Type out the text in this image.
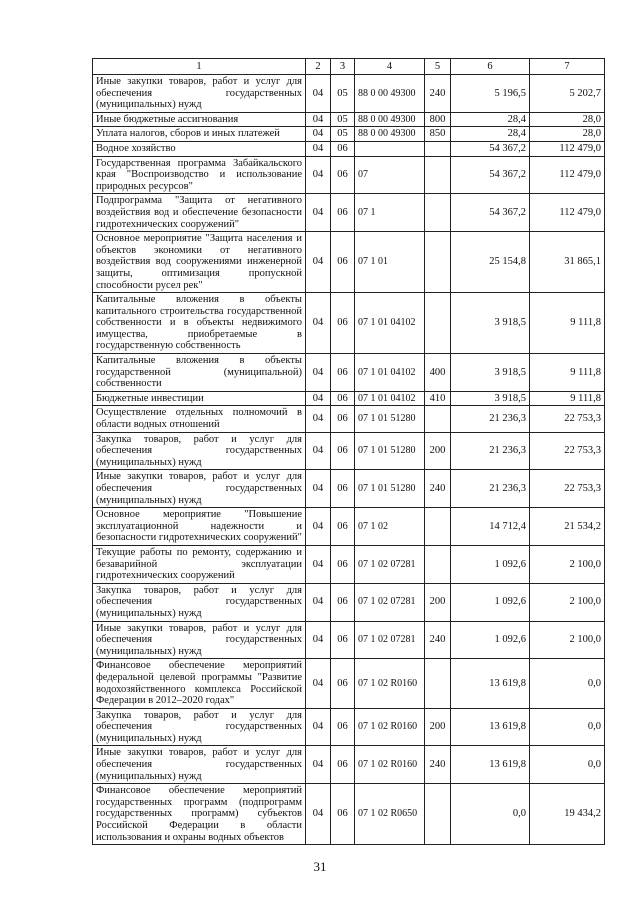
1	2	3	4	5	6	7
Иные закупки товаров, работ и услуг для обеспечения государственных (муниципальных) нужд	04	05	88 0 00 49300	240	5 196,5	5 202,7
Иные бюджетные ассигнования	04	05	88 0 00 49300	800	28,4	28,0
Уплата налогов, сборов и иных платежей	04	05	88 0 00 49300	850	28,4	28,0
Водное хозяйство	04	06			54 367,2	112 479,0
Государственная программа Забайкальского края "Воспроизводство и использование природных ресурсов"	04	06	07		54 367,2	112 479,0
Подпрограмма "Защита от негативного воздействия вод и обеспечение безопасности гидротехнических сооружений"	04	06	07 1		54 367,2	112 479,0
Основное мероприятие "Защита населения и объектов экономики от негативного воздействия вод сооружениями инженерной защиты, оптимизация пропускной способности русел рек"	04	06	07 1 01		25 154,8	31 865,1
Капитальные вложения в объекты капитального строительства государственной собственности и в объекты недвижимого имущества, приобретаемые в государственную собственность	04	06	07 1 01 04102		3 918,5	9 111,8
Капитальные вложения в объекты государственной (муниципальной) собственности	04	06	07 1 01 04102	400	3 918,5	9 111,8
Бюджетные инвестиции	04	06	07 1 01 04102	410	3 918,5	9 111,8
Осуществление отдельных полномочий в области водных отношений	04	06	07 1 01 51280		21 236,3	22 753,3
Закупка товаров, работ и услуг для обеспечения государственных (муниципальных) нужд	04	06	07 1 01 51280	200	21 236,3	22 753,3
Иные закупки товаров, работ и услуг для обеспечения государственных (муниципальных) нужд	04	06	07 1 01 51280	240	21 236,3	22 753,3
Основное мероприятие "Повышение эксплуатационной надежности и безопасности гидротехнических сооружений"	04	06	07 1 02		14 712,4	21 534,2
Текущие работы по ремонту, содержанию и безаварийной эксплуатации гидротехнических сооружений	04	06	07 1 02 07281		1 092,6	2 100,0
Закупка товаров, работ и услуг для обеспечения государственных (муниципальных) нужд	04	06	07 1 02 07281	200	1 092,6	2 100,0
Иные закупки товаров, работ и услуг для обеспечения государственных (муниципальных) нужд	04	06	07 1 02 07281	240	1 092,6	2 100,0
Финансовое обеспечение мероприятий федеральной целевой программы "Развитие водохозяйственного комплекса Российской Федерации в 2012–2020 годах"	04	06	07 1 02 R0160		13 619,8	0,0
Закупка товаров, работ и услуг для обеспечения государственных (муниципальных) нужд	04	06	07 1 02 R0160	200	13 619,8	0,0
Иные закупки товаров, работ и услуг для обеспечения государственных (муниципальных) нужд	04	06	07 1 02 R0160	240	13 619,8	0,0
Финансовое обеспечение мероприятий государственных программ (подпрограмм государственных программ) субъектов Российской Федерации в области использования и охраны водных объектов	04	06	07 1 02 R0650		0,0	19 434,2
31
